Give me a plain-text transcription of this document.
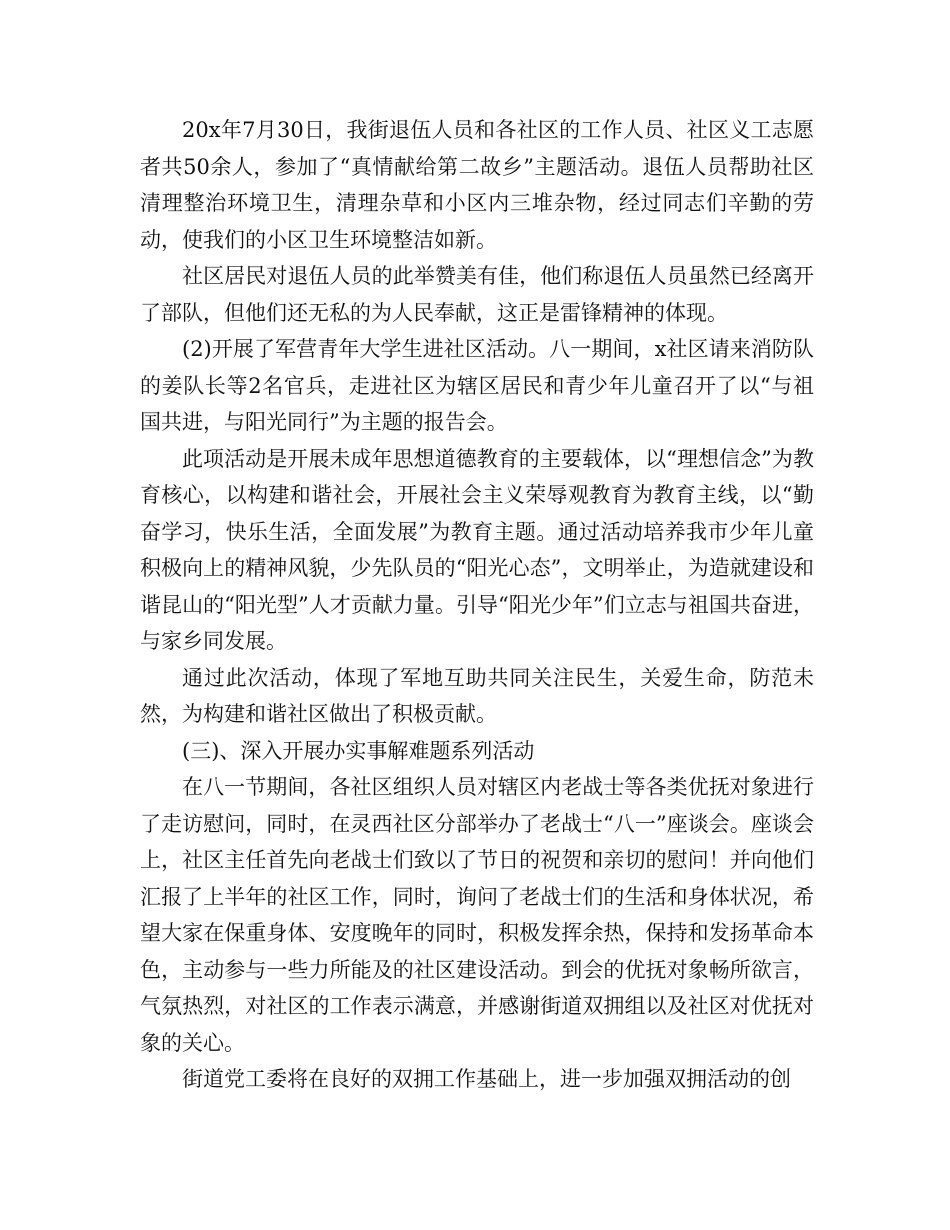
20x年7月30日，我街退伍人员和各社区的工作人员、社区义工志愿者共50余人，参加了“真情献给第二故乡”主题活动。退伍人员帮助社区清理整治环境卫生，清理杂草和小区内三堆杂物，经过同志们辛勤的劳动，使我们的小区卫生环境整洁如新。

社区居民对退伍人员的此举赞美有佳，他们称退伍人员虽然已经离开了部队，但他们还无私的为人民奉献，这正是雷锋精神的体现。

(2)开展了军营青年大学生进社区活动。八一期间，x社区请来消防队的姜队长等2名官兵，走进社区为辖区居民和青少年儿童召开了以“与祖国共进，与阳光同行”为主题的报告会。

此项活动是开展未成年思想道德教育的主要载体，以“理想信念”为教育核心，以构建和谐社会，开展社会主义荣辱观教育为教育主线，以“勤奋学习，快乐生活，全面发展”为教育主题。通过活动培养我市少年儿童积极向上的精神风貌，少先队员的“阳光心态”，文明举止，为造就建设和谐昆山的“阳光型”人才贡献力量。引导“阳光少年”们立志与祖国共奋进，与家乡同发展。

通过此次活动，体现了军地互助共同关注民生，关爱生命，防范未然，为构建和谐社区做出了积极贡献。

(三)、深入开展办实事解难题系列活动

在八一节期间，各社区组织人员对辖区内老战士等各类优抚对象进行了走访慰问，同时，在灵西社区分部举办了老战士“八一”座谈会。座谈会上，社区主任首先向老战士们致以了节日的祝贺和亲切的慰问！并向他们汇报了上半年的社区工作，同时，询问了老战士们的生活和身体状况，希望大家在保重身体、安度晚年的同时，积极发挥余热，保持和发扬革命本色，主动参与一些力所能及的社区建设活动。到会的优抚对象畅所欲言，气氛热烈，对社区的工作表示满意，并感谢街道双拥组以及社区对优抚对象的关心。

街道党工委将在良好的双拥工作基础上，进一步加强双拥活动的创
